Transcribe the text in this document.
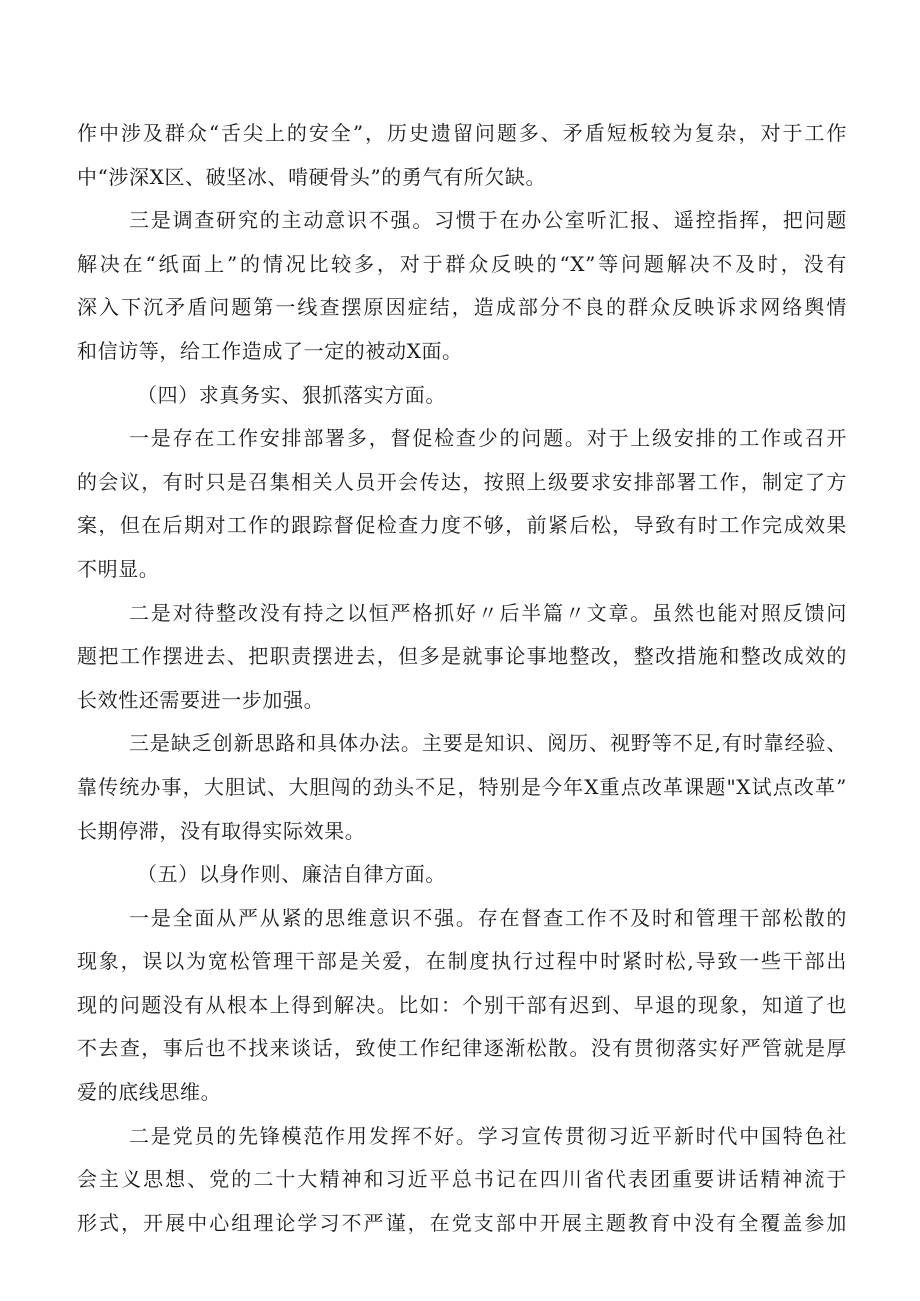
作中涉及群众“舌尖上的安全”，历史遗留问题多、矛盾短板较为复杂，对于工作
中“涉深X区、破坚冰、啃硬骨头”的勇气有所欠缺。
三是调查研究的主动意识不强。习惯于在办公室听汇报、遥控指挥，把问题
解决在“纸面上”的情况比较多，对于群众反映的“X”等问题解决不及时，没有
深入下沉矛盾问题第一线查摆原因症结，造成部分不良的群众反映诉求网络舆情
和信访等，给工作造成了一定的被动X面。
（四）求真务实、狠抓落实方面。
一是存在工作安排部署多，督促检查少的问题。对于上级安排的工作或召开
的会议，有时只是召集相关人员开会传达，按照上级要求安排部署工作，制定了方
案，但在后期对工作的跟踪督促检查力度不够，前紧后松，导致有时工作完成效果
不明显。
二是对待整改没有持之以恒严格抓好〃后半篇〃文章。虽然也能对照反馈问
题把工作摆进去、把职责摆进去，但多是就事论事地整改，整改措施和整改成效的
长效性还需要进一步加强。
三是缺乏创新思路和具体办法。主要是知识、阅历、视野等不足,有时靠经验、
靠传统办事，大胆试、大胆闯的劲头不足，特别是今年X重点改革课题"X试点改革”
长期停滞，没有取得实际效果。
（五）以身作则、廉洁自律方面。
一是全面从严从紧的思维意识不强。存在督查工作不及时和管理干部松散的
现象，误以为宽松管理干部是关爱，在制度执行过程中时紧时松,导致一些干部出
现的问题没有从根本上得到解决。比如：个别干部有迟到、早退的现象，知道了也
不去查，事后也不找来谈话，致使工作纪律逐渐松散。没有贯彻落实好严管就是厚
爱的底线思维。
二是党员的先锋模范作用发挥不好。学习宣传贯彻习近平新时代中国特色社
会主义思想、党的二十大精神和习近平总书记在四川省代表团重要讲话精神流于
形式，开展中心组理论学习不严谨，在党支部中开展主题教育中没有全覆盖参加
